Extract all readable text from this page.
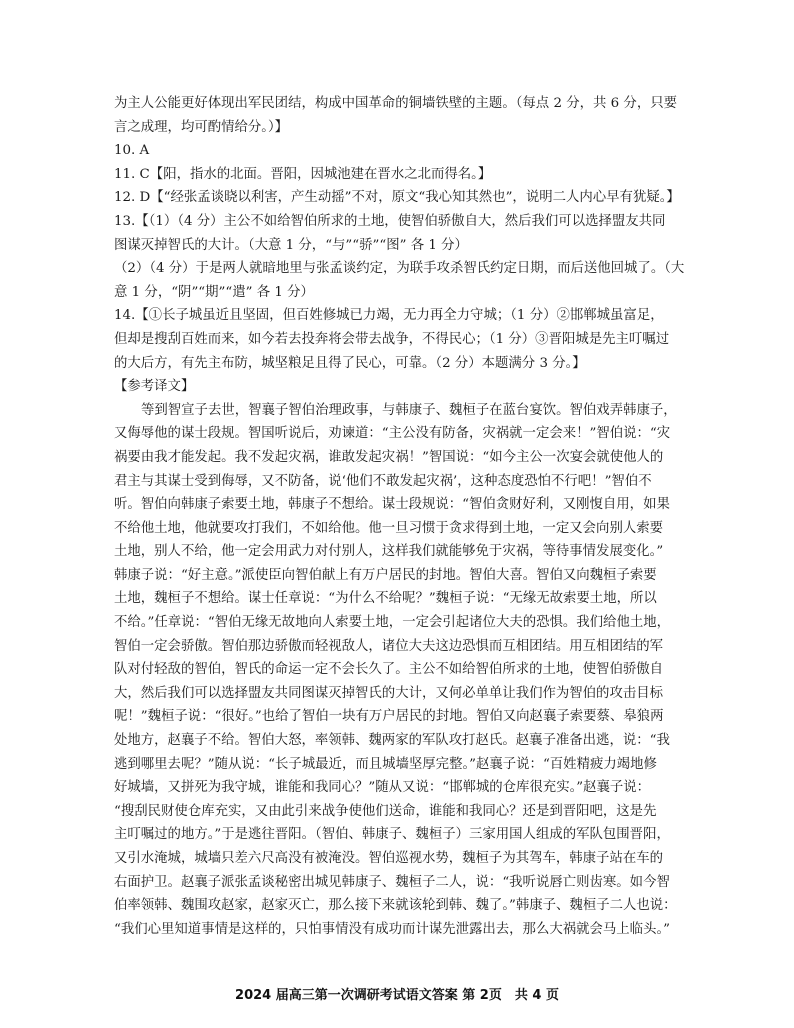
为主人公能更好体现出军民团结，构成中国革命的铜墙铁壁的主题。（每点 2 分，共 6 分，只要
言之成理，均可酌情给分。）】
10. A
11. C【阳，指水的北面。晋阳，因城池建在晋水之北而得名。】
12. D【“经张孟谈晓以利害，产生动摇”不对，原文“我心知其然也”，说明二人内心早有犹疑。】
13.【（1）（4 分）主公不如给智伯所求的土地，使智伯骄傲自大，然后我们可以选择盟友共同
图谋灭掉智氏的大计。（大意 1 分，“与”“骄”“图” 各 1 分）
（2）（4 分）于是两人就暗地里与张孟谈约定，为联手攻杀智氏约定日期，而后送他回城了。（大
意 1 分，“阴”“期”“遣” 各 1 分）
14.【①长子城虽近且坚固，但百姓修城已力竭，无力再全力守城；（1 分）②邯郸城虽富足，
但却是搜刮百姓而来，如今若去投奔将会带去战争，不得民心；（1 分）③晋阳城是先主叮嘱过
的大后方，有先主布防，城坚粮足且得了民心，可靠。（2 分）本题满分 3 分。】
【参考译文】
等到智宣子去世，智襄子智伯治理政事，与韩康子、魏桓子在蓝台宴饮。智伯戏弄韩康子，
又侮辱他的谋士段规。智国听说后，劝谏道：“主公没有防备，灾祸就一定会来！”智伯说：“灾
祸要由我才能发起。我不发起灾祸，谁敢发起灾祸！”智国说：“如今主公一次宴会就使他人的
君主与其谋士受到侮辱，又不防备，说‘他们不敢发起灾祸’，这种态度恐怕不行吧！”智伯不
听。智伯向韩康子索要土地，韩康子不想给。谋士段规说：“智伯贪财好利，又刚愎自用，如果
不给他土地，他就要攻打我们，不如给他。他一旦习惯于贪求得到土地，一定又会向别人索要
土地，别人不给，他一定会用武力对付别人，这样我们就能够免于灾祸，等待事情发展变化。”
韩康子说：“好主意。”派使臣向智伯献上有万户居民的封地。智伯大喜。智伯又向魏桓子索要
土地，魏桓子不想给。谋士任章说：“为什么不给呢？”魏桓子说：“无缘无故索要土地，所以
不给。”任章说：“智伯无缘无故地向人索要土地，一定会引起诸位大夫的恐惧。我们给他土地，
智伯一定会骄傲。智伯那边骄傲而轻视敌人，诸位大夫这边恐惧而互相团结。用互相团结的军
队对付轻敌的智伯，智氏的命运一定不会长久了。主公不如给智伯所求的土地，使智伯骄傲自
大，然后我们可以选择盟友共同图谋灭掉智氏的大计，又何必单单让我们作为智伯的攻击目标
呢！”魏桓子说：“很好。”也给了智伯一块有万户居民的封地。智伯又向赵襄子索要蔡、皋狼两
处地方，赵襄子不给。智伯大怒，率领韩、魏两家的军队攻打赵氏。赵襄子准备出逃，说：“我
逃到哪里去呢？”随从说：“长子城最近，而且城墙坚厚完整。”赵襄子说：“百姓精疲力竭地修
好城墙，又拼死为我守城，谁能和我同心？”随从又说：“邯郸城的仓库很充实。”赵襄子说：
“搜刮民财使仓库充实，又由此引来战争使他们送命，谁能和我同心？还是到晋阳吧，这是先
主叮嘱过的地方。”于是逃往晋阳。（智伯、韩康子、魏桓子）三家用国人组成的军队包围晋阳，
又引水淹城，城墙只差六尺高没有被淹没。智伯巡视水势，魏桓子为其驾车，韩康子站在车的
右面护卫。赵襄子派张孟谈秘密出城见韩康子、魏桓子二人，说：“我听说唇亡则齿寒。如今智
伯率领韩、魏围攻赵家，赵家灭亡，那么接下来就该轮到韩、魏了。”韩康子、魏桓子二人也说：
“我们心里知道事情是这样的，只怕事情没有成功而计谋先泄露出去，那么大祸就会马上临头。”
2024 届高三第一次调研考试语文答案 第 2页　共 4 页
